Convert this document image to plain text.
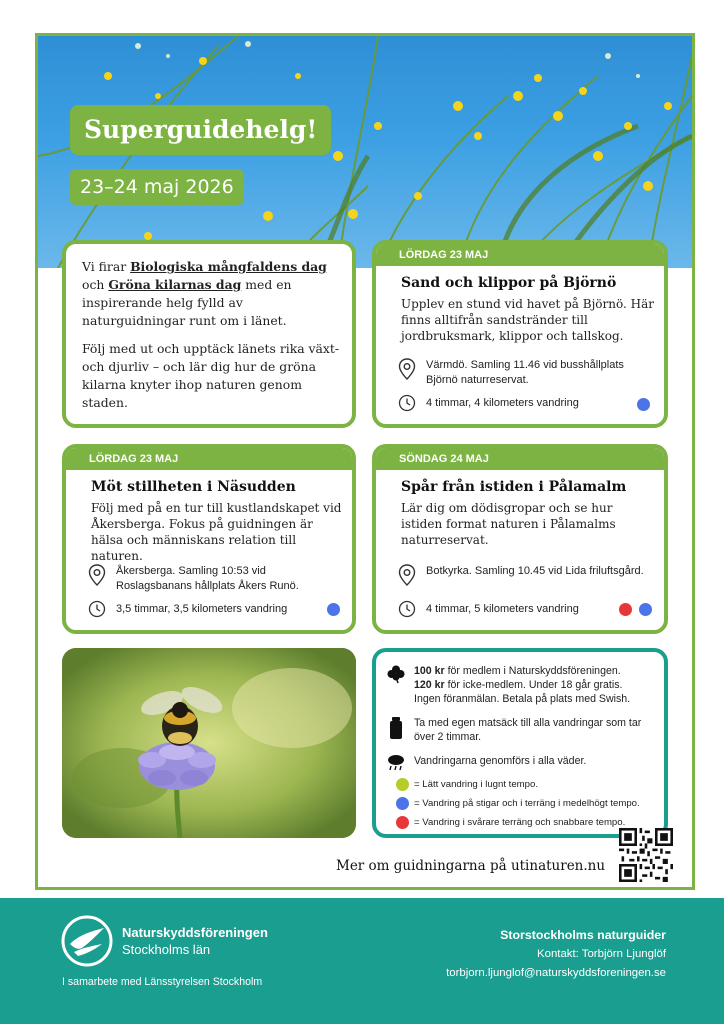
Superguidehelg!
23–24 maj 2026

Vi firar Biologiska mångfaldens dag och Gröna kilarnas dag med en inspirerande helg fylld av naturguidningar runt om i länet.

Följ med ut och upptäck länets rika växt- och djurliv – och lär dig hur de gröna kilarna knyter ihop naturen genom staden.

LÖRDAG 23 MAJ
Sand och klippor på Björnö
Upplev en stund vid havet på Björnö. Här finns alltifrån sandstränder till jordbruksmark, klippor och tallskog.
Värmdö. Samling 11.46 vid busshållplats Björnö naturreservat.
4 timmar, 4 kilometers vandring
LÖRDAG 23 MAJ
Möt stillheten i Näsudden
Följ med på en tur till kustlandskapet vid Åkersberga. Fokus på guidningen är hälsa och människans relation till naturen.
Åkersberga. Samling 10:53 vid Roslagsbanans hållplats Åkers Runö.
3,5 timmar, 3,5 kilometers vandring
SÖNDAG 24 MAJ
Spår från istiden i Pålamalm
Lär dig om dödisgropar och se hur istiden format naturen i Pålamalms naturreservat.
Botkyrka. Samling 10.45 vid Lida friluftsgård.
4 timmar, 5 kilometers vandring
100 kr för medlem i Naturskyddsföreningen.
120 kr för icke-medlem. Under 18 går gratis.
Ingen föranmälan. Betala på plats med Swish.
Ta med egen matsäck till alla vandringar som tar över 2 timmar.
Vandringarna genomförs i alla väder.
= Lätt vandring i lugnt tempo.
= Vandring på stigar och i terräng i medelhögt tempo.
= Vandring i svårare terräng och snabbare tempo.
Mer om guidningarna på utinaturen.nu
Naturskyddsföreningen
Stockholms län
I samarbete med Länsstyrelsen Stockholm
Storstockholms naturguider
Kontakt: Torbjörn Ljunglöf
torbjorn.ljunglof@naturskyddsforeningen.se
